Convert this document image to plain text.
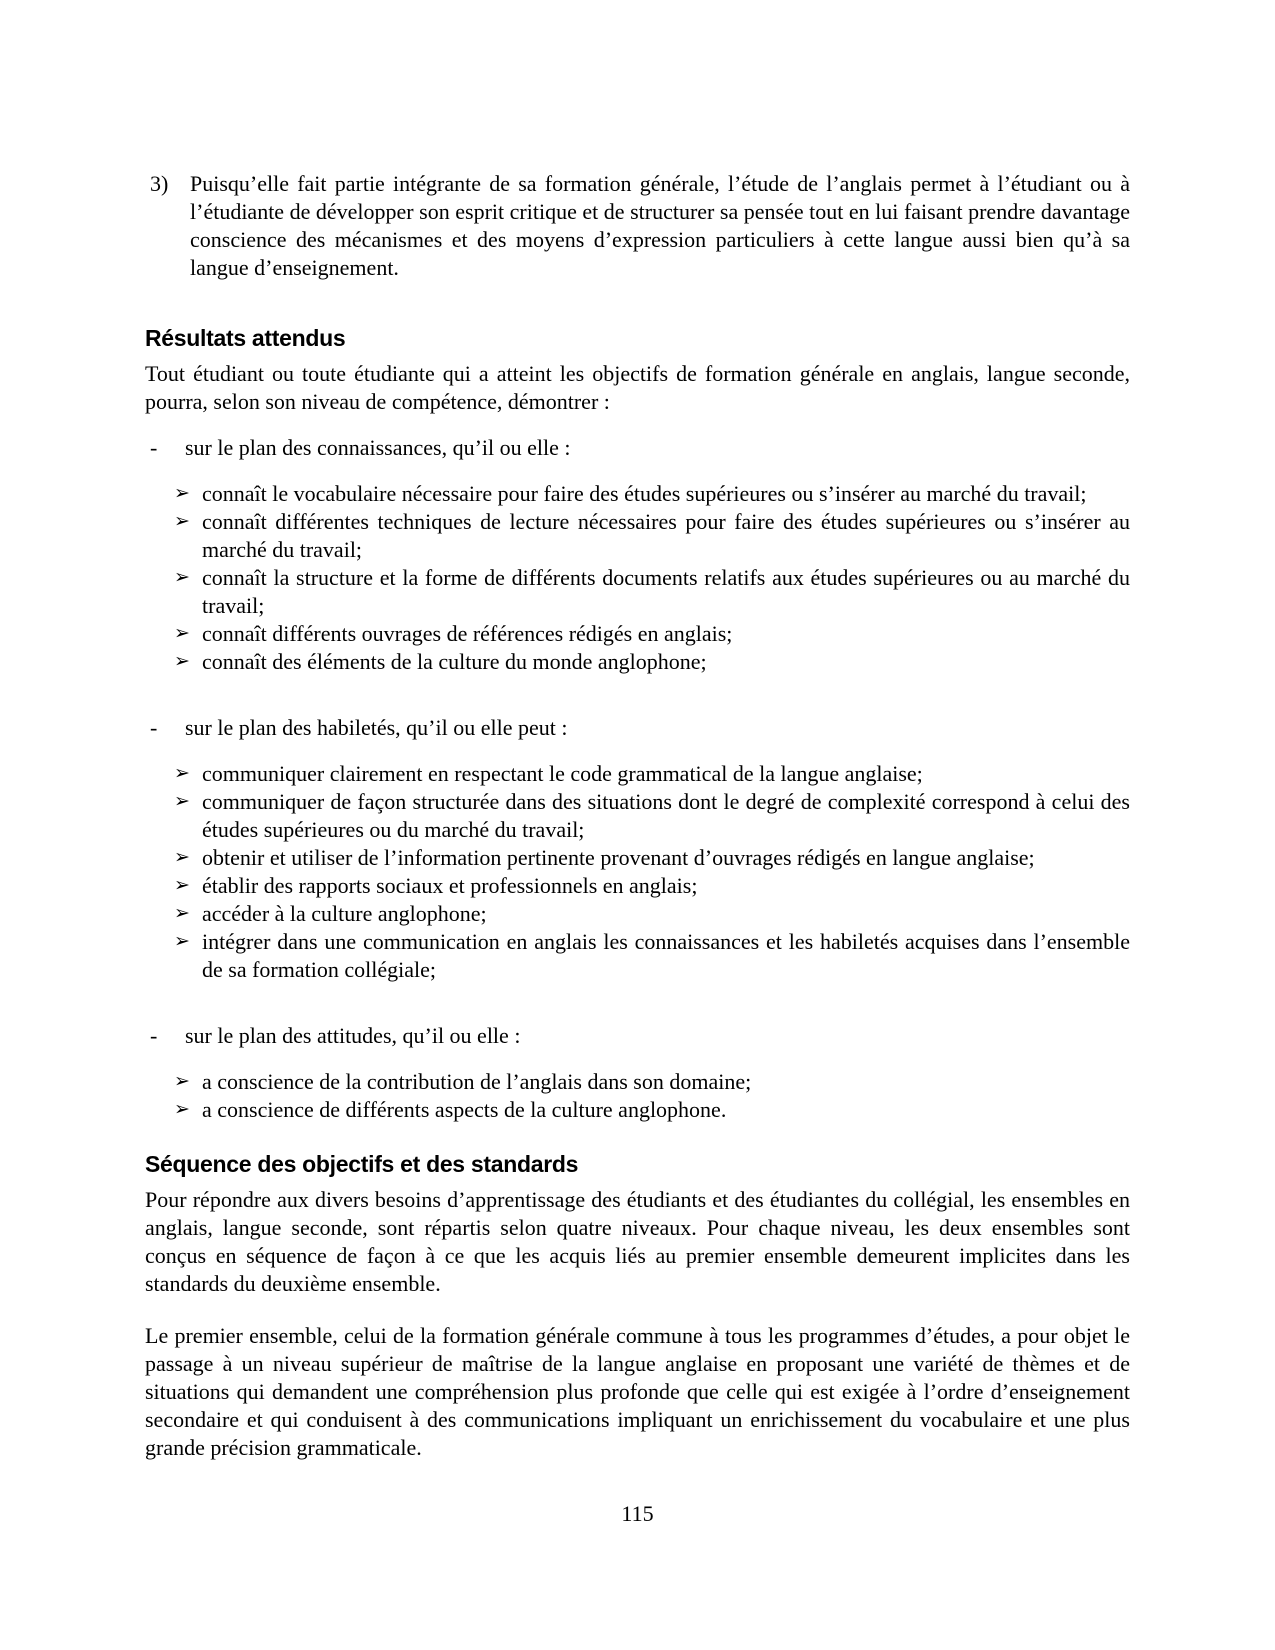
3) Puisqu’elle fait partie intégrante de sa formation générale, l’étude de l’anglais permet à l’étudiant ou à l’étudiante de développer son esprit critique et de structurer sa pensée tout en lui faisant prendre davantage conscience des mécanismes et des moyens d’expression particuliers à cette langue aussi bien qu’à sa langue d’enseignement.
Résultats attendus

Tout étudiant ou toute étudiante qui a atteint les objectifs de formation générale en anglais, langue seconde, pourra, selon son niveau de compétence, démontrer :

-	sur le plan des connaissances, qu’il ou elle :
➢ connaît le vocabulaire nécessaire pour faire des études supérieures ou s’insérer au marché du travail;
➢ connaît différentes techniques de lecture nécessaires pour faire des études supérieures ou s’insérer au marché du travail;
➢ connaît la structure et la forme de différents documents relatifs aux études supérieures ou au marché du travail;
➢ connaît différents ouvrages de références rédigés en anglais;
➢ connaît des éléments de la culture du monde anglophone;
-	sur le plan des habiletés, qu’il ou elle peut :
➢ communiquer clairement en respectant le code grammatical de la langue anglaise;
➢ communiquer de façon structurée dans des situations dont le degré de complexité correspond à celui des études supérieures ou du marché du travail;
➢ obtenir et utiliser de l’information pertinente provenant d’ouvrages rédigés en langue anglaise;
➢ établir des rapports sociaux et professionnels en anglais;
➢ accéder à la culture anglophone;
➢ intégrer dans une communication en anglais les connaissances et les habiletés acquises dans l’ensemble de sa formation collégiale;
-	sur le plan des attitudes, qu’il ou elle :
➢ a conscience de la contribution de l’anglais dans son domaine;
➢ a conscience de différents aspects de la culture anglophone.
Séquence des objectifs et des standards

Pour répondre aux divers besoins d’apprentissage des étudiants et des étudiantes du collégial, les ensembles en anglais, langue seconde, sont répartis selon quatre niveaux. Pour chaque niveau, les deux ensembles sont conçus en séquence de façon à ce que les acquis liés au premier ensemble demeurent implicites dans les standards du deuxième ensemble.

Le premier ensemble, celui de la formation générale commune à tous les programmes d’études, a pour objet le passage à un niveau supérieur de maîtrise de la langue anglaise en proposant une variété de thèmes et de situations qui demandent une compréhension plus profonde que celle qui est exigée à l’ordre d’enseignement secondaire et qui conduisent à des communications impliquant un enrichissement du vocabulaire et une plus grande précision grammaticale.

115
